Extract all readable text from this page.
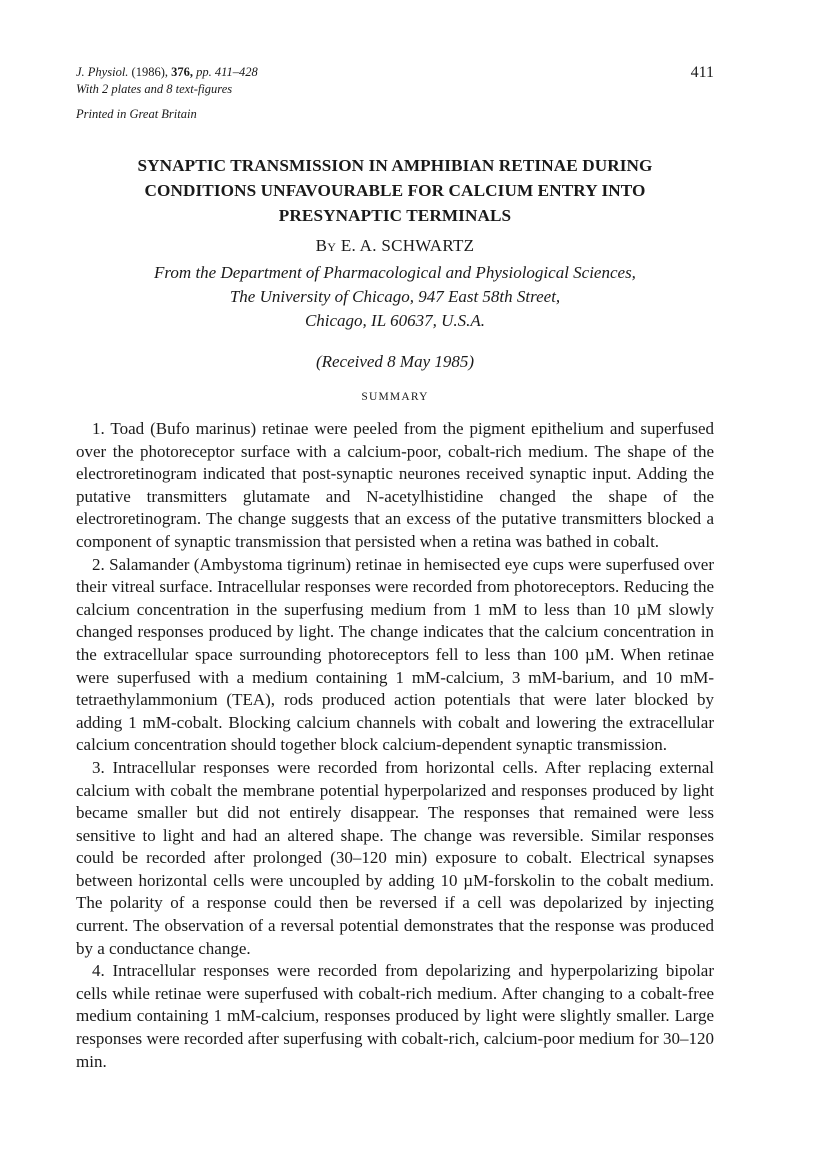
411
J. Physiol. (1986), 376, pp. 411–428
With 2 plates and 8 text-figures
Printed in Great Britain
SYNAPTIC TRANSMISSION IN AMPHIBIAN RETINAE DURING
CONDITIONS UNFAVOURABLE FOR CALCIUM ENTRY INTO
PRESYNAPTIC TERMINALS
By E. A. SCHWARTZ
From the Department of Pharmacological and Physiological Sciences,
The University of Chicago, 947 East 58th Street,
Chicago, IL 60637, U.S.A.
(Received 8 May 1985)
SUMMARY

1. Toad (Bufo marinus) retinae were peeled from the pigment epithelium and superfused over the photoreceptor surface with a calcium-poor, cobalt-rich medium. The shape of the electroretinogram indicated that post-synaptic neurones received synaptic input. Adding the putative transmitters glutamate and N-acetylhistidine changed the shape of the electroretinogram. The change suggests that an excess of the putative transmitters blocked a component of synaptic transmission that persisted when a retina was bathed in cobalt.

2. Salamander (Ambystoma tigrinum) retinae in hemisected eye cups were superfused over their vitreal surface. Intracellular responses were recorded from photoreceptors. Reducing the calcium concentration in the superfusing medium from 1 mM to less than 10 µM slowly changed responses produced by light. The change indicates that the calcium concentration in the extracellular space surrounding photoreceptors fell to less than 100 µM. When retinae were superfused with a medium containing 1 mM-calcium, 3 mM-barium, and 10 mM-tetraethylammonium (TEA), rods produced action potentials that were later blocked by adding 1 mM-cobalt. Blocking calcium channels with cobalt and lowering the extracellular calcium concentration should together block calcium-dependent synaptic transmission.

3. Intracellular responses were recorded from horizontal cells. After replacing external calcium with cobalt the membrane potential hyperpolarized and responses produced by light became smaller but did not entirely disappear. The responses that remained were less sensitive to light and had an altered shape. The change was reversible. Similar responses could be recorded after prolonged (30–120 min) exposure to cobalt. Electrical synapses between horizontal cells were uncoupled by adding 10 µM-forskolin to the cobalt medium. The polarity of a response could then be reversed if a cell was depolarized by injecting current. The observation of a reversal potential demonstrates that the response was produced by a conductance change.

4. Intracellular responses were recorded from depolarizing and hyperpolarizing bipolar cells while retinae were superfused with cobalt-rich medium. After changing to a cobalt-free medium containing 1 mM-calcium, responses produced by light were slightly smaller. Large responses were recorded after superfusing with cobalt-rich, calcium-poor medium for 30–120 min.
